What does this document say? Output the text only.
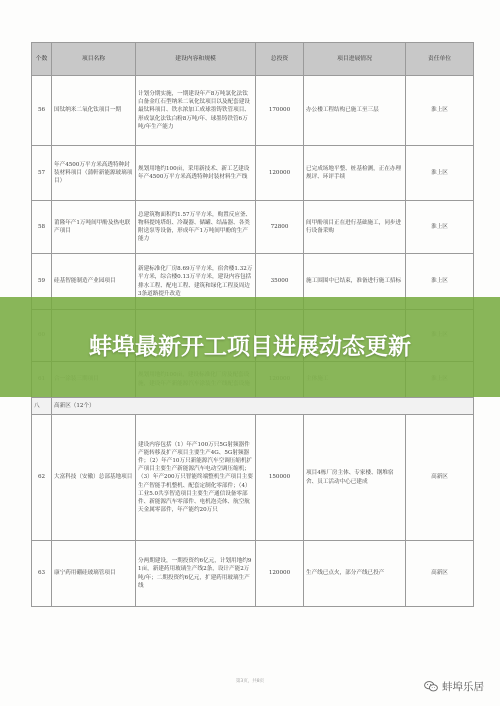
个数	项目名称	建设内容和规模	总投资	项目进展情况	责任单位
56	国钛纳米二氧化钛项目一期	计划分期实施，一期建设年产8万吨氯化法钛白备金红石型纳米二氧化钛项目以及配套建设最钛料项目、铁水浓加工成球墨铸铁管项目、形成氯化法钛白粉8万吨/年、球墨铸铁管6万吨/年生产能力	170000	办公楼工程结构已施工至三层	淮上区
57	年产4500万平方米高透特种封装材料项目（蒲軒新能源玻璃项目）	规划用地约100亩，采用新技术、新工艺建设年产4500万平方米高透特种封装材料生产线	120000	已完成场地平整、桩基检测，正在办理规评、环评手续	淮上区
58	莆隆年产1万吨间甲酚及热电联产项目	总建筑物面积约1.57万平方米，购置反应釜、物料提纯塔组、冷凝器、储罐、结晶器、各类附送泵等设备，形成年产1万吨间甲酚的生产能力	72800	间甲酚项目正在进行基础施工，同步进行设备采购	淮上区
59	硅基智能制造产业园项目	新建标准化厂房8.69万平方米，宿舍楼1.32万平方米，综合楼0.13万平方米，建设内容包括排水工程、配电工程、建筑和绿化工程及周边3条道路提升改造	35000	施工围围中已结束，准备进行施工招标	淮上区

八	高新区（12个）				
62	大富科技（安徽）总部基地项目	建设内容包括（1）年产100万只5G射频器件产能转移及扩产项目主要生产4G、5G射频器件；（2）年产10万只新能源汽车空调压缩机扩产项目主要生产新能源汽车电动空调压缩机；（3）年产200万只智能终端整机生产项目主要生产智能手机整机、配套定制化零部件；（4）工业5.0共享智造项目主要生产通信设备零部件、新能源汽车零部件、电机泡壳体、航空航天金属零部件，年产能约20万只	150000	项目4栋厂房主体、专家楼、钢堆宿舍、员工活动中心已建成	高新区
63	康宁药用硼硅玻璃管项目	分两期建设，一期投资约6亿元，计划用地约91亩，新建药用玻璃生产线2条，设计产能2万吨/年；二期投资约6亿元，扩建药用玻璃生产线	120000	生产线已点火，部分产线已投产	高新区
蚌埠最新开工项目进展动态更新
第3页，共8页	蚌埠乐居
